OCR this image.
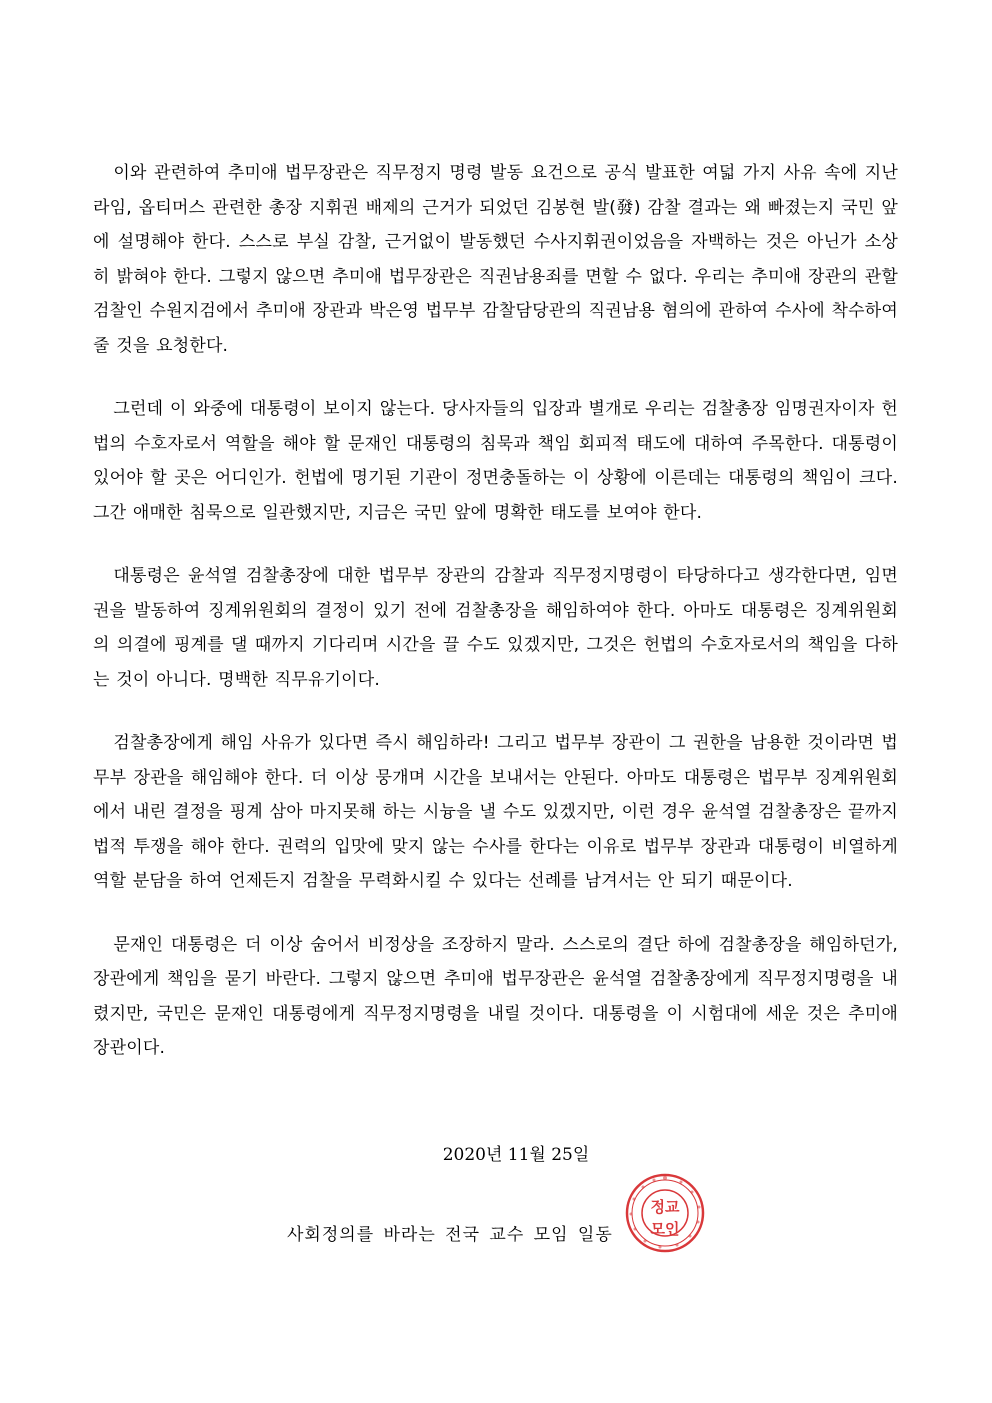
이와 관련하여 추미애 법무장관은 직무정지 명령 발동 요건으로 공식 발표한 여덟 가지 사유 속에 지난 라임, 옵티머스 관련한 총장 지휘권 배제의 근거가 되었던 김봉현 발(發) 감찰 결과는 왜 빠졌는지 국민 앞에 설명해야 한다. 스스로 부실 감찰, 근거없이 발동했던 수사지휘권이었음을 자백하는 것은 아닌가 소상히 밝혀야 한다. 그렇지 않으면 추미애 법무장관은 직권남용죄를 면할 수 없다. 우리는 추미애 장관의 관할 검찰인 수원지검에서 추미애 장관과 박은영 법무부 감찰담당관의 직권남용 혐의에 관하여 수사에 착수하여 줄 것을 요청한다.

그런데 이 와중에 대통령이 보이지 않는다. 당사자들의 입장과 별개로 우리는 검찰총장 임명권자이자 헌법의 수호자로서 역할을 해야 할 문재인 대통령의 침묵과 책임 회피적 태도에 대하여 주목한다. 대통령이 있어야 할 곳은 어디인가. 헌법에 명기된 기관이 정면충돌하는 이 상황에 이른데는 대통령의 책임이 크다. 그간 애매한 침묵으로 일관했지만, 지금은 국민 앞에 명확한 태도를 보여야 한다.

대통령은 윤석열 검찰총장에 대한 법무부 장관의 감찰과 직무정지명령이 타당하다고 생각한다면, 임면권을 발동하여 징계위원회의 결정이 있기 전에 검찰총장을 해임하여야 한다. 아마도 대통령은 징계위원회의 의결에 핑계를 댈 때까지 기다리며 시간을 끌 수도 있겠지만, 그것은 헌법의 수호자로서의 책임을 다하는 것이 아니다. 명백한 직무유기이다.

검찰총장에게 해임 사유가 있다면 즉시 해임하라! 그리고 법무부 장관이 그 권한을 남용한 것이라면 법무부 장관을 해임해야 한다. 더 이상 뭉개며 시간을 보내서는 안된다. 아마도 대통령은 법무부 징계위원회에서 내린 결정을 핑계 삼아 마지못해 하는 시늉을 낼 수도 있겠지만, 이런 경우 윤석열 검찰총장은 끝까지 법적 투쟁을 해야 한다. 권력의 입맛에 맞지 않는 수사를 한다는 이유로 법무부 장관과 대통령이 비열하게 역할 분담을 하여 언제든지 검찰을 무력화시킬 수 있다는 선례를 남겨서는 안 되기 때문이다.

문재인 대통령은 더 이상 숨어서 비정상을 조장하지 말라. 스스로의 결단 하에 검찰총장을 해임하던가, 장관에게 책임을 묻기 바란다. 그렇지 않으면 추미애 법무장관은 윤석열 검찰총장에게 직무정지명령을 내렸지만, 국민은 문재인 대통령에게 직무정지명령을 내릴 것이다. 대통령을 이 시험대에 세운 것은 추미애 장관이다.

2020년 11월 25일
사회정의를 바라는 전국 교수 모임 일동
정교
모인
